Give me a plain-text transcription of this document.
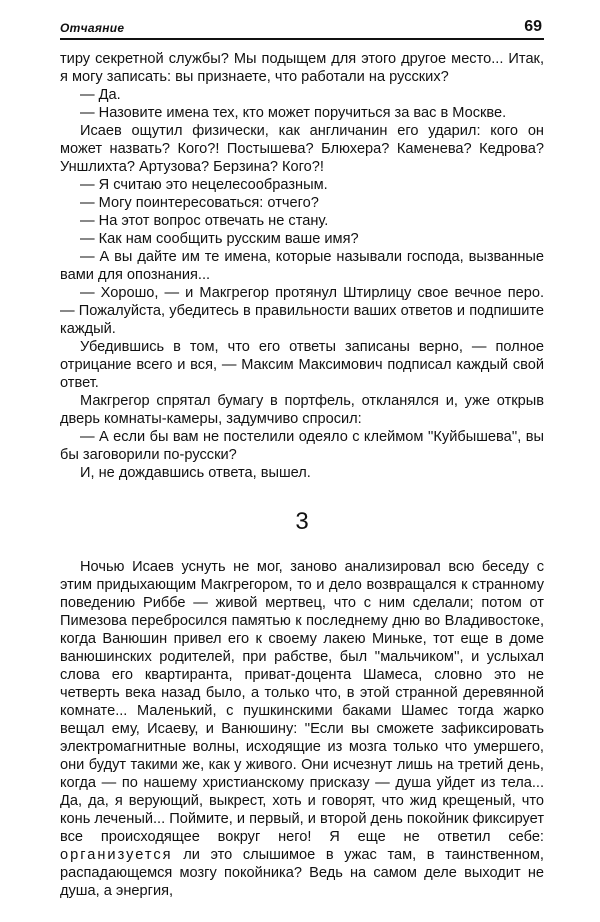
Отчаяние	69

тиру секретной службы? Мы подыщем для этого другое место... Итак, я могу записать: вы признаете, что работали на русских?

— Да.

— Назовите имена тех, кто может поручиться за вас в Москве.

Исаев ощутил физически, как англичанин его ударил: кого он может назвать? Кого?! Постышева? Блюхера? Каменева? Кедрова? Уншлихта? Артузова? Берзина? Кого?!

— Я считаю это нецелесообразным.

— Могу поинтересоваться: отчего?

— На этот вопрос отвечать не стану.

— Как нам сообщить русским ваше имя?

— А вы дайте им те имена, которые называли господа, вызванные вами для опознания...

— Хорошо, — и Макгрегор протянул Штирлицу свое вечное перо. — Пожалуйста, убедитесь в правильности ваших ответов и подпишите каждый.

Убедившись в том, что его ответы записаны верно, — полное отрицание всего и вся, — Максим Максимович подписал каждый свой ответ.

Макгрегор спрятал бумагу в портфель, откланялся и, уже открыв дверь комнаты-камеры, задумчиво спросил:

— А если бы вам не постелили одеяло с клеймом ''Куйбышева'', вы бы заговорили по-русски?

И, не дождавшись ответа, вышел.

3

Ночью Исаев уснуть не мог, заново анализировал всю беседу с этим придыхающим Макгрегором, то и дело возвращался к странному поведению Риббе — живой мертвец, что с ним сделали; потом от Пимезова перебросился памятью к последнему дню во Владивостоке, когда Ванюшин привел его к своему лакею Миньке, тот еще в доме ванюшинских родителей, при рабстве, был ''мальчиком'', и услыхал слова его квартиранта, приват-доцента Шамеса, словно это не четверть века назад было, а только что, в этой странной деревянной комнате... Маленький, с пушкинскими баками Шамес тогда жарко вещал ему, Исаеву, и Ванюшину: ''Если вы сможете зафиксировать электромагнитные волны, исходящие из мозга только что умершего, они будут такими же, как у живого. Они исчезнут лишь на третий день, когда — по нашему христианскому присказу — душа уйдет из тела... Да, да, я верующий, выкрест, хоть и говорят, что жид крещеный, что конь леченый... Поймите, и первый, и второй день покойник фиксирует все происходящее вокруг него! Я еще не ответил себе: организуется ли это слышимое в ужас там, в таинственном, распадающемся мозгу покойника? Ведь на самом деле выходит не душа, а энергия,
